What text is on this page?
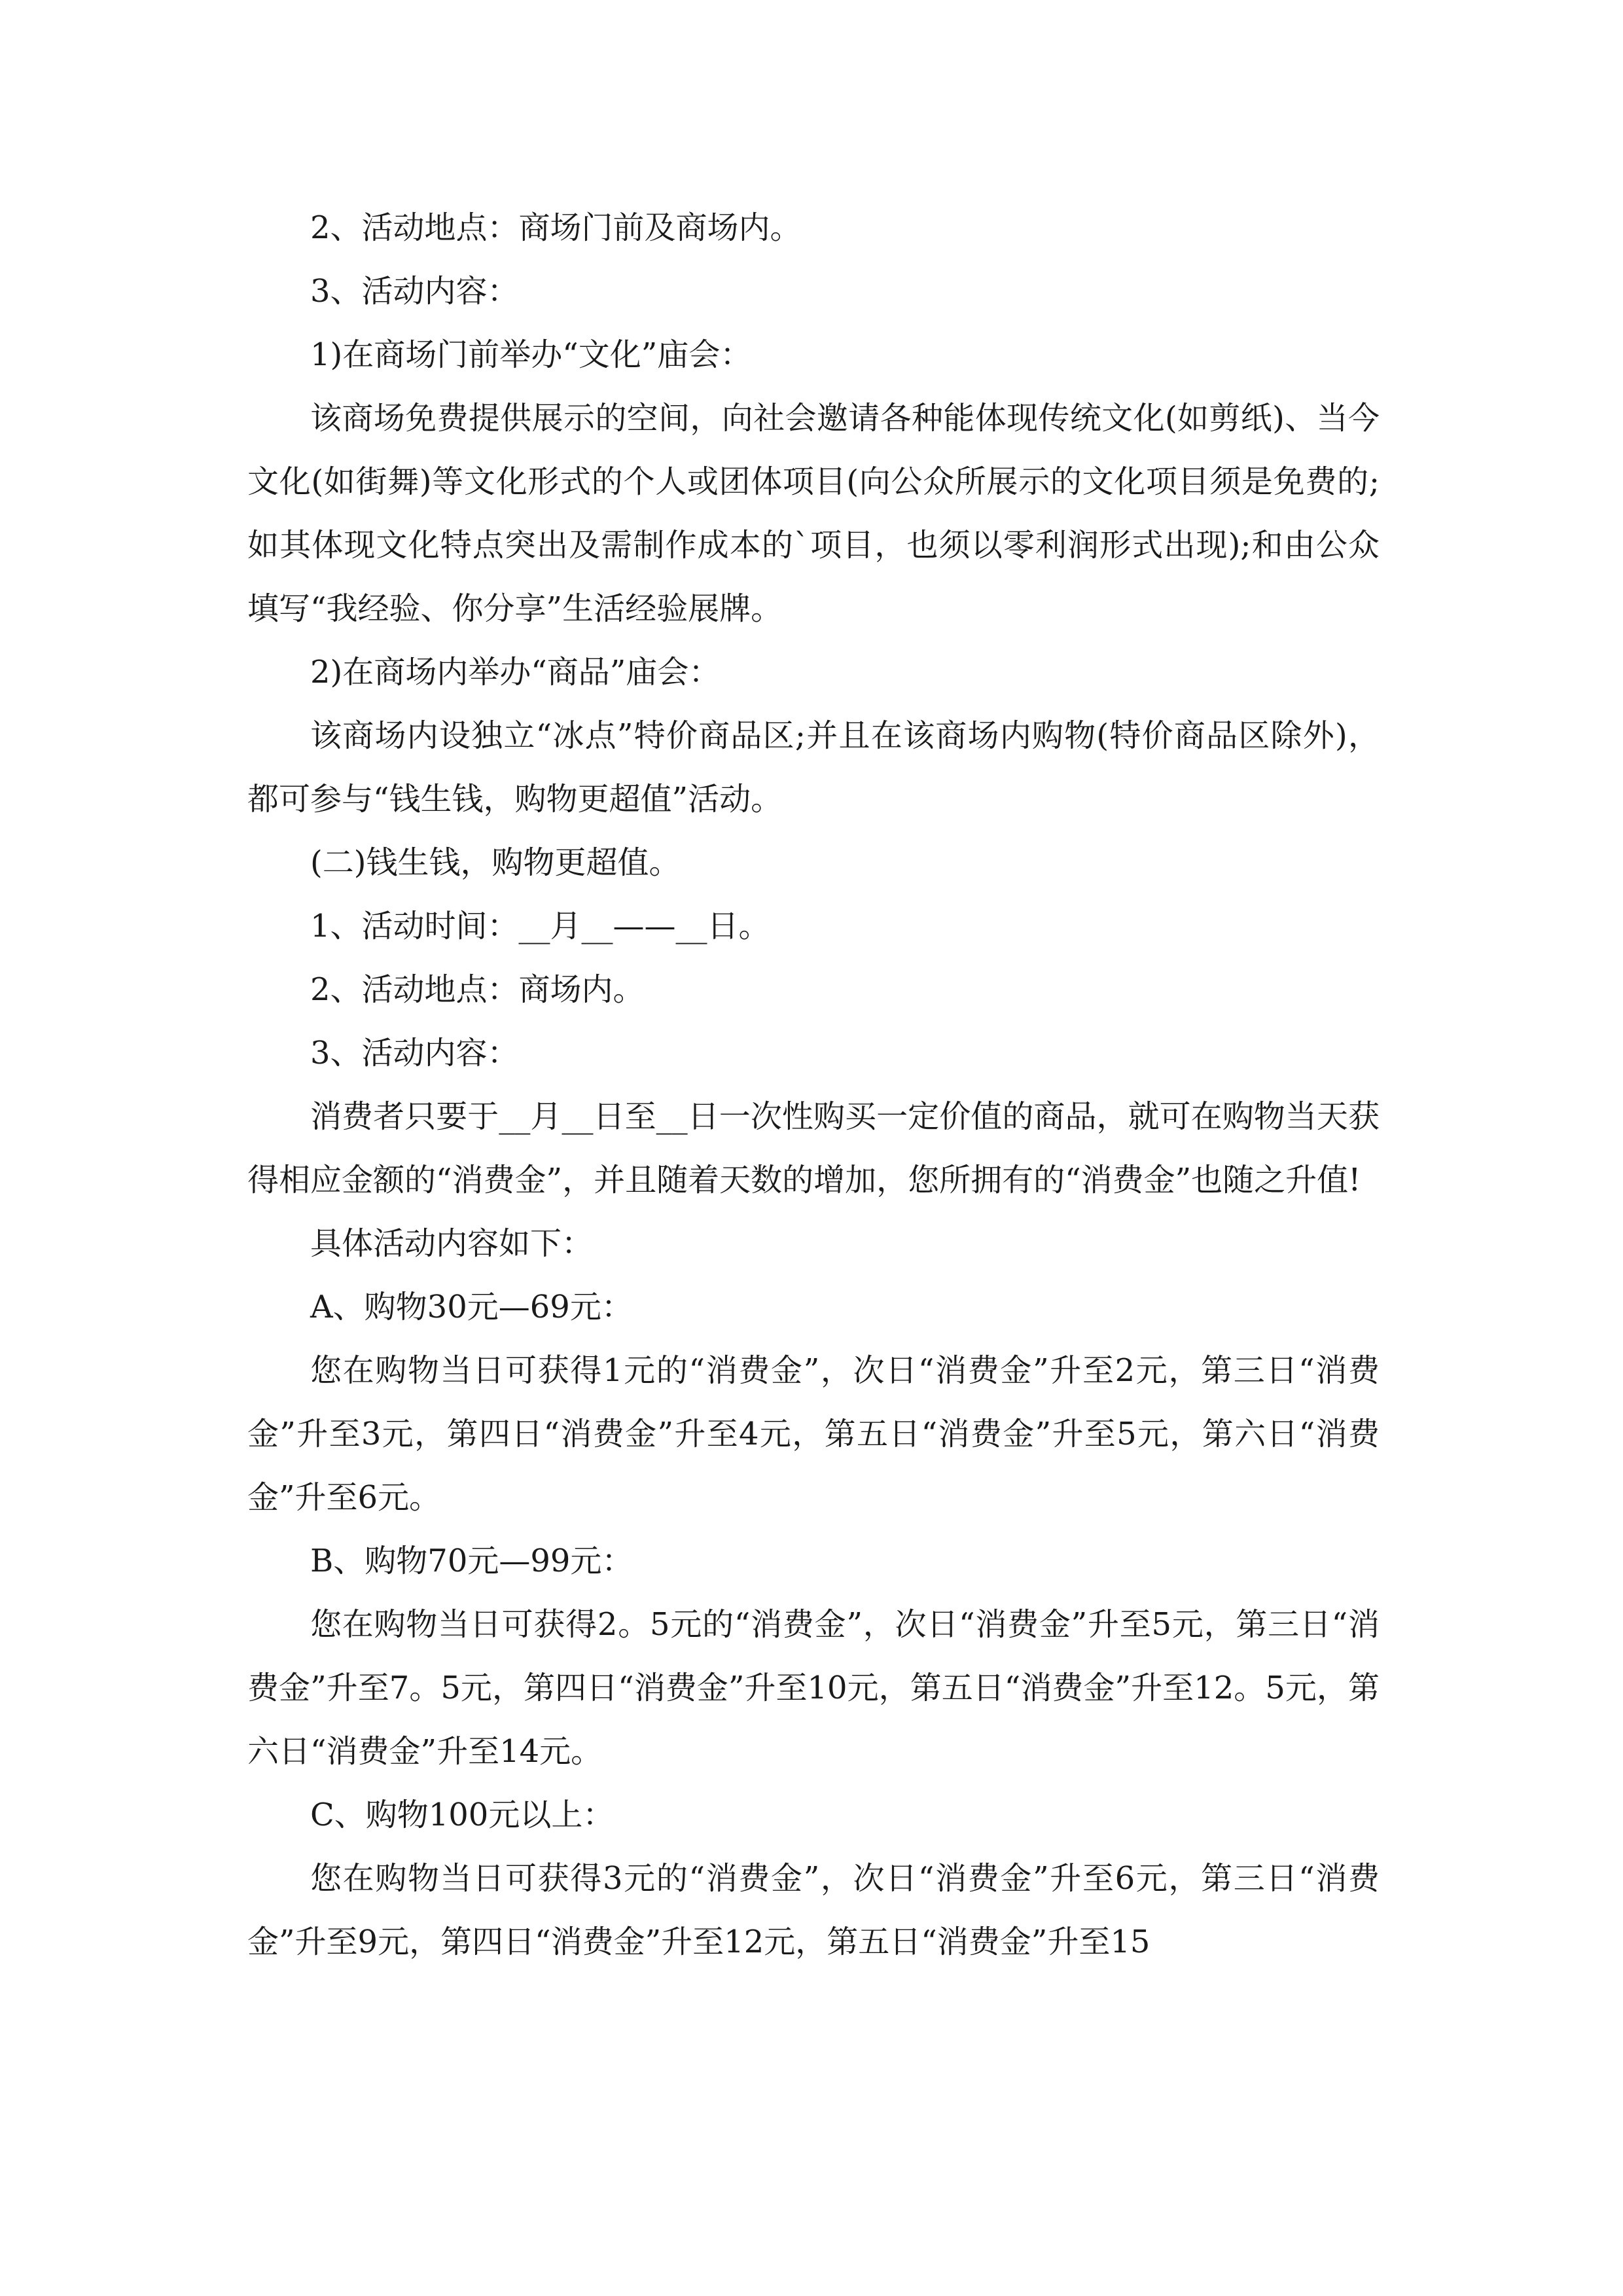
2、活动地点：商场门前及商场内。

3、活动内容：

1)在商场门前举办“文化”庙会：

该商场免费提供展示的空间，向社会邀请各种能体现传统文化(如剪纸)、当今文化(如街舞)等文化形式的个人或团体项目(向公众所展示的文化项目须是免费的;如其体现文化特点突出及需制作成本的`项目，也须以零利润形式出现);和由公众填写“我经验、你分享”生活经验展牌。

2)在商场内举办“商品”庙会：

该商场内设独立“冰点”特价商品区;并且在该商场内购物(特价商品区除外)，都可参与“钱生钱，购物更超值”活动。

(二)钱生钱，购物更超值。

1、活动时间：__月__——__日。

2、活动地点：商场内。

3、活动内容：

消费者只要于__月__日至__日一次性购买一定价值的商品，就可在购物当天获得相应金额的“消费金”，并且随着天数的增加，您所拥有的“消费金”也随之升值!

具体活动内容如下：

A、购物30元—69元：

您在购物当日可获得1元的“消费金”，次日“消费金”升至2元，第三日“消费金”升至3元，第四日“消费金”升至4元，第五日“消费金”升至5元，第六日“消费金”升至6元。

B、购物70元—99元：

您在购物当日可获得2。5元的“消费金”，次日“消费金”升至5元，第三日“消费金”升至7。5元，第四日“消费金”升至10元，第五日“消费金”升至12。5元，第六日“消费金”升至14元。

C、购物100元以上：

您在购物当日可获得3元的“消费金”，次日“消费金”升至6元，第三日“消费金”升至9元，第四日“消费金”升至12元，第五日“消费金”升至15
